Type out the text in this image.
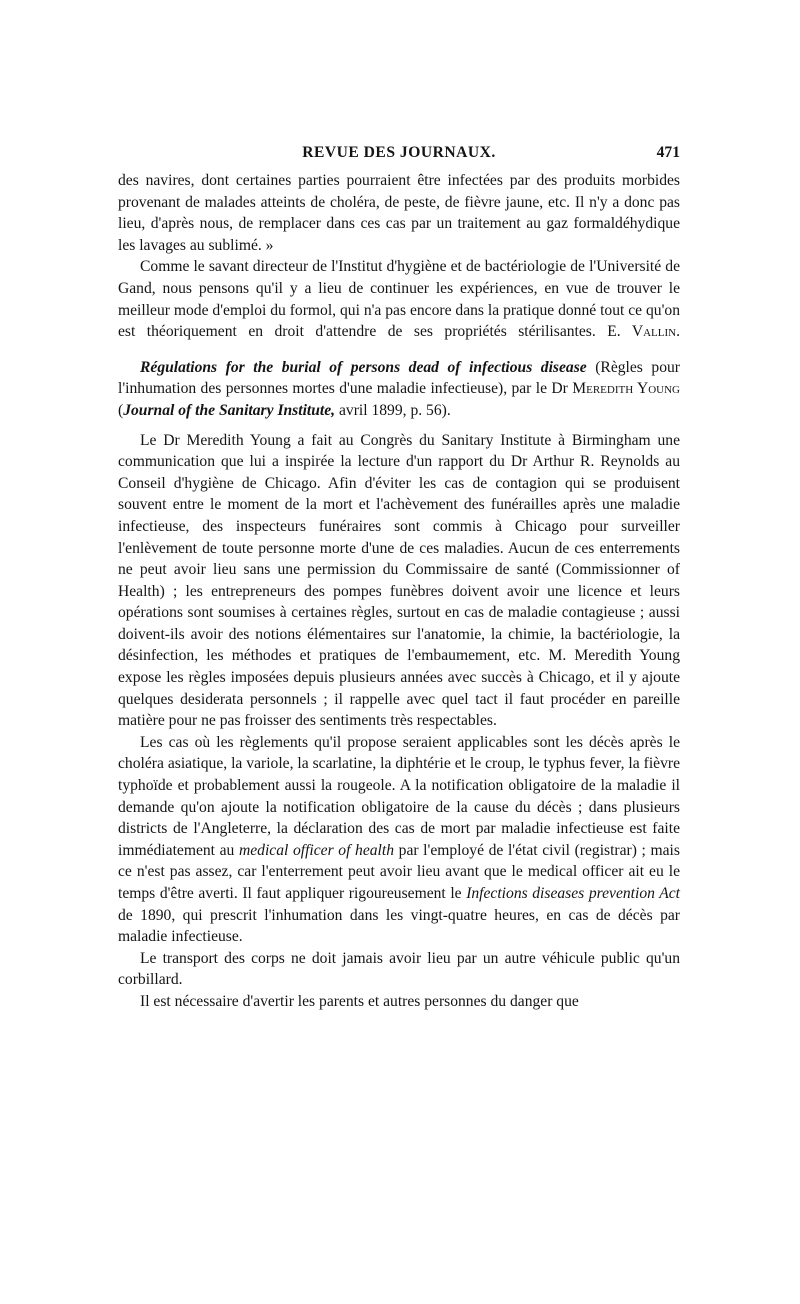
REVUE DES JOURNAUX.	471

des navires, dont certaines parties pourraient être infectées par des produits morbides provenant de malades atteints de choléra, de peste, de fièvre jaune, etc. Il n'y a donc pas lieu, d'après nous, de remplacer dans ces cas par un traitement au gaz formaldéhydique les lavages au sublimé. »

Comme le savant directeur de l'Institut d'hygiène et de bactériologie de l'Université de Gand, nous pensons qu'il y a lieu de continuer les expériences, en vue de trouver le meilleur mode d'emploi du formol, qui n'a pas encore dans la pratique donné tout ce qu'on est théoriquement en droit d'attendre de ses propriétés stérilisantes. E. Vallin.

Régulations for the burial of persons dead of infectious disease (Règles pour l'inhumation des personnes mortes d'une maladie infectieuse), par le Dr Meredith Young (Journal of the Sanitary Institute, avril 1899, p. 56).

Le Dr Meredith Young a fait au Congrès du Sanitary Institute à Birmingham une communication que lui a inspirée la lecture d'un rapport du Dr Arthur R. Reynolds au Conseil d'hygiène de Chicago. Afin d'éviter les cas de contagion qui se produisent souvent entre le moment de la mort et l'achèvement des funérailles après une maladie infectieuse, des inspecteurs funéraires sont commis à Chicago pour surveiller l'enlèvement de toute personne morte d'une de ces maladies. Aucun de ces enterrements ne peut avoir lieu sans une permission du Commissaire de santé (Commissionner of Health) ; les entrepreneurs des pompes funèbres doivent avoir une licence et leurs opérations sont soumises à certaines règles, surtout en cas de maladie contagieuse ; aussi doivent-ils avoir des notions élémentaires sur l'anatomie, la chimie, la bactériologie, la désinfection, les méthodes et pratiques de l'embaumement, etc. M. Meredith Young expose les règles imposées depuis plusieurs années avec succès à Chicago, et il y ajoute quelques desiderata personnels ; il rappelle avec quel tact il faut procéder en pareille matière pour ne pas froisser des sentiments très respectables.

Les cas où les règlements qu'il propose seraient applicables sont les décès après le choléra asiatique, la variole, la scarlatine, la diphtérie et le croup, le typhus fever, la fièvre typhoïde et probablement aussi la rougeole. A la notification obligatoire de la maladie il demande qu'on ajoute la notification obligatoire de la cause du décès ; dans plusieurs districts de l'Angleterre, la déclaration des cas de mort par maladie infectieuse est faite immédiatement au medical officer of health par l'employé de l'état civil (registrar) ; mais ce n'est pas assez, car l'enterrement peut avoir lieu avant que le medical officer ait eu le temps d'être averti. Il faut appliquer rigoureusement le Infections diseases prevention Act de 1890, qui prescrit l'inhumation dans les vingt-quatre heures, en cas de décès par maladie infectieuse.

Le transport des corps ne doit jamais avoir lieu par un autre véhicule public qu'un corbillard.

Il est nécessaire d'avertir les parents et autres personnes du danger que
